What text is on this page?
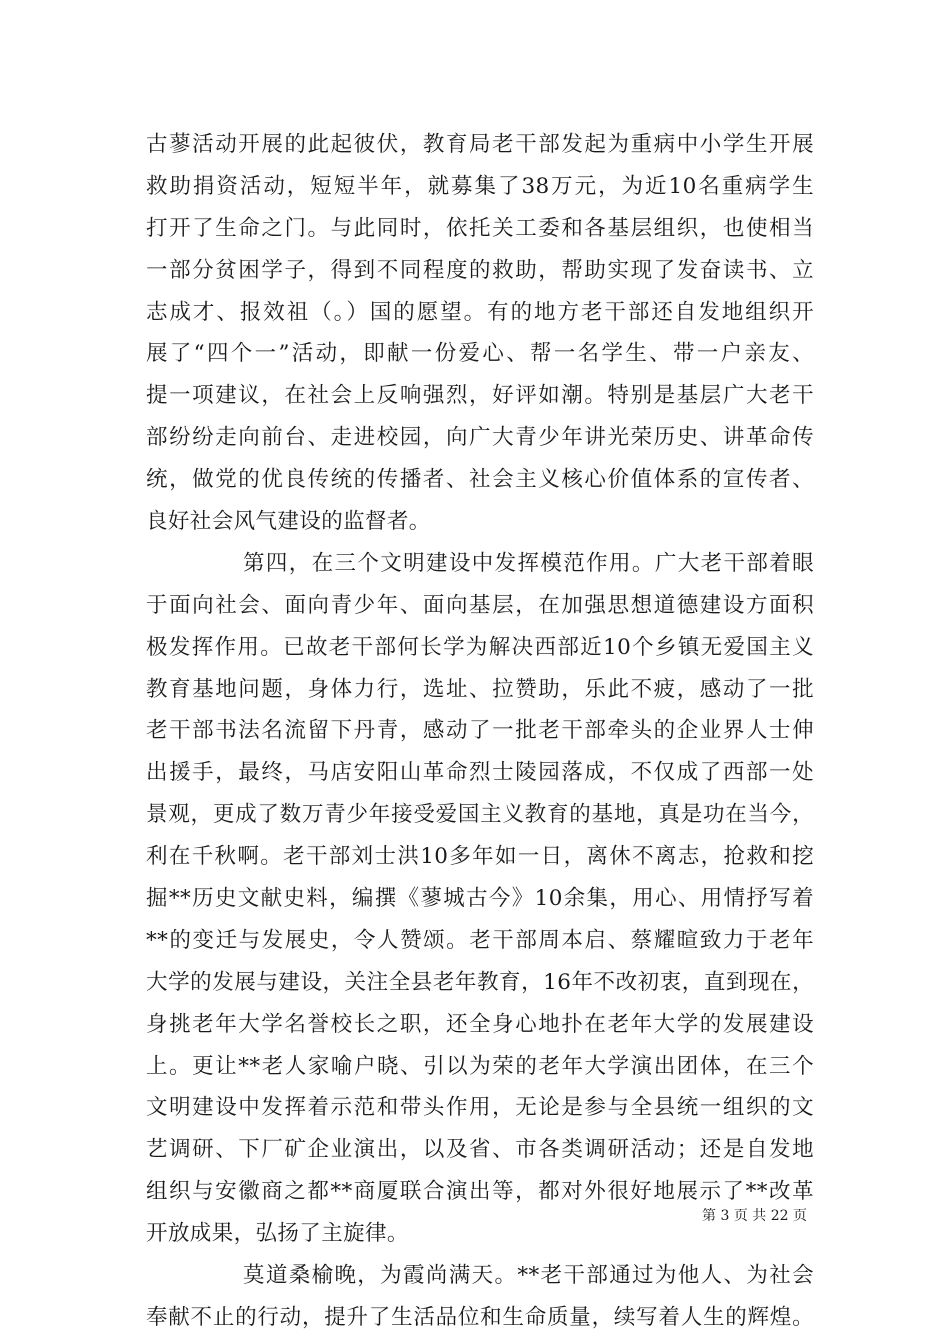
古蓼活动开展的此起彼伏，教育局老干部发起为重病中小学生开展
救助捐资活动，短短半年，就募集了38万元，为近10名重病学生
打开了生命之门。与此同时，依托关工委和各基层组织，也使相当
一部分贫困学子，得到不同程度的救助，帮助实现了发奋读书、立
志成才、报效祖（。）国的愿望。有的地方老干部还自发地组织开
展了“四个一”活动，即献一份爱心、帮一名学生、带一户亲友、
提一项建议，在社会上反响强烈，好评如潮。特别是基层广大老干
部纷纷走向前台、走进校园，向广大青少年讲光荣历史、讲革命传
统，做党的优良传统的传播者、社会主义核心价值体系的宣传者、
良好社会风气建设的监督者。
第四，在三个文明建设中发挥模范作用。广大老干部着眼
于面向社会、面向青少年、面向基层，在加强思想道德建设方面积
极发挥作用。已故老干部何长学为解决西部近10个乡镇无爱国主义
教育基地问题，身体力行，选址、拉赞助，乐此不疲，感动了一批
老干部书法名流留下丹青，感动了一批老干部牵头的企业界人士伸
出援手，最终，马店安阳山革命烈士陵园落成，不仅成了西部一处
景观，更成了数万青少年接受爱国主义教育的基地，真是功在当今，
利在千秋啊。老干部刘士洪10多年如一日，离休不离志，抢救和挖
掘**历史文献史料，编撰《蓼城古今》10余集，用心、用情抒写着
**的变迁与发展史，令人赞颂。老干部周本启、蔡耀暄致力于老年
大学的发展与建设，关注全县老年教育，16年不改初衷，直到现在，
身挑老年大学名誉校长之职，还全身心地扑在老年大学的发展建设
上。更让**老人家喻户晓、引以为荣的老年大学演出团体，在三个
文明建设中发挥着示范和带头作用，无论是参与全县统一组织的文
艺调研、下厂矿企业演出，以及省、市各类调研活动；还是自发地
组织与安徽商之都**商厦联合演出等，都对外很好地展示了**改革
开放成果，弘扬了主旋律。
莫道桑榆晚，为霞尚满天。**老干部通过为他人、为社会
奉献不止的行动，提升了生活品位和生命质量，续写着人生的辉煌。
第 3 页 共 22 页
